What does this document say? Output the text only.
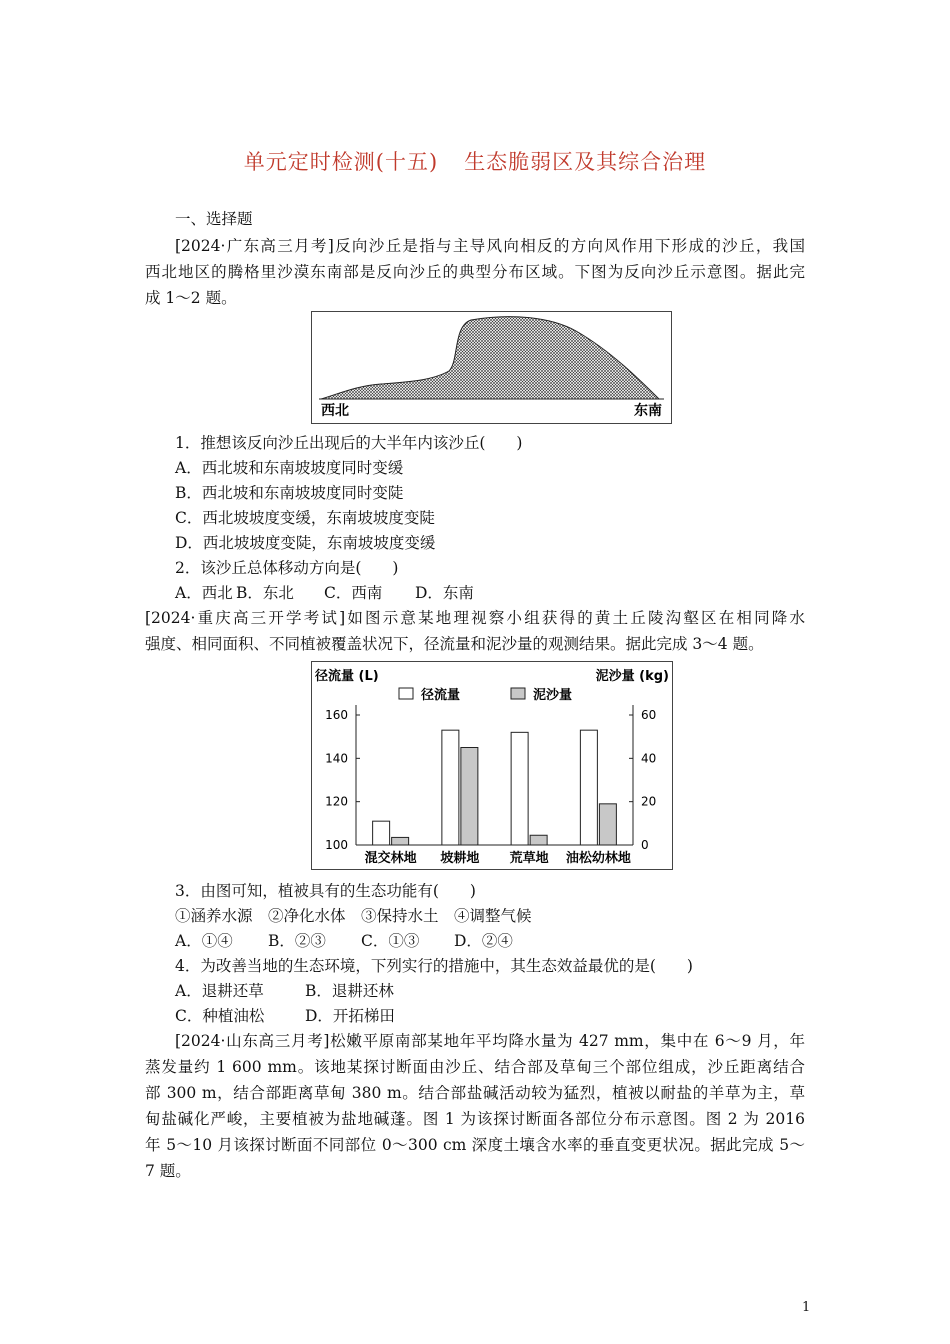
单元定时检测(十五) 生态脆弱区及其综合治理
一、选择题
[2024·广东高三月考]反向沙丘是指与主导风向相反的方向风作用下形成的沙丘，我国
西北地区的腾格里沙漠东南部是反向沙丘的典型分布区域。下图为反向沙丘示意图。据此完
成 1～2 题。
西北	东南
1．推想该反向沙丘出现后的大半年内该沙丘(　　)
A．西北坡和东南坡坡度同时变缓
B．西北坡和东南坡坡度同时变陡
C．西北坡坡度变缓，东南坡坡度变陡
D．西北坡坡度变陡，东南坡坡度变缓
2．该沙丘总体移动方向是(　　)
A．西北 B．东北 C．西南 D．东南
[2024·重庆高三开学考试]如图示意某地理视察小组获得的黄土丘陵沟壑区在相同降水
强度、相同面积、不同植被覆盖状况下，径流量和泥沙量的观测结果。据此完成 3～4 题。
径流量 (L)	泥沙量 (kg)
160
140
120
100
60
40
20
0
径流量	泥沙量
混交林地 坡耕地 荒草地 油松幼林地
3．由图可知，植被具有的生态功能有(　　)
①涵养水源　②净化水体　③保持水土　④调整气候
A．①④ B．②③ C．①③ D．②④
4．为改善当地的生态环境，下列实行的措施中，其生态效益最优的是(　　)
A．退耕还草	B．退耕还林
C．种植油松	D．开拓梯田
[2024·山东高三月考]松嫩平原南部某地年平均降水量为 427 mm，集中在 6～9 月，年
蒸发量约 1 600 mm。该地某探讨断面由沙丘、结合部及草甸三个部位组成，沙丘距离结合
部 300 m，结合部距离草甸 380 m。结合部盐碱活动较为猛烈，植被以耐盐的羊草为主，草
甸盐碱化严峻，主要植被为盐地碱蓬。图 1 为该探讨断面各部位分布示意图。图 2 为 2016
年 5～10 月该探讨断面不同部位 0～300 cm 深度土壤含水率的垂直变更状况。据此完成 5～
7 题。
1
